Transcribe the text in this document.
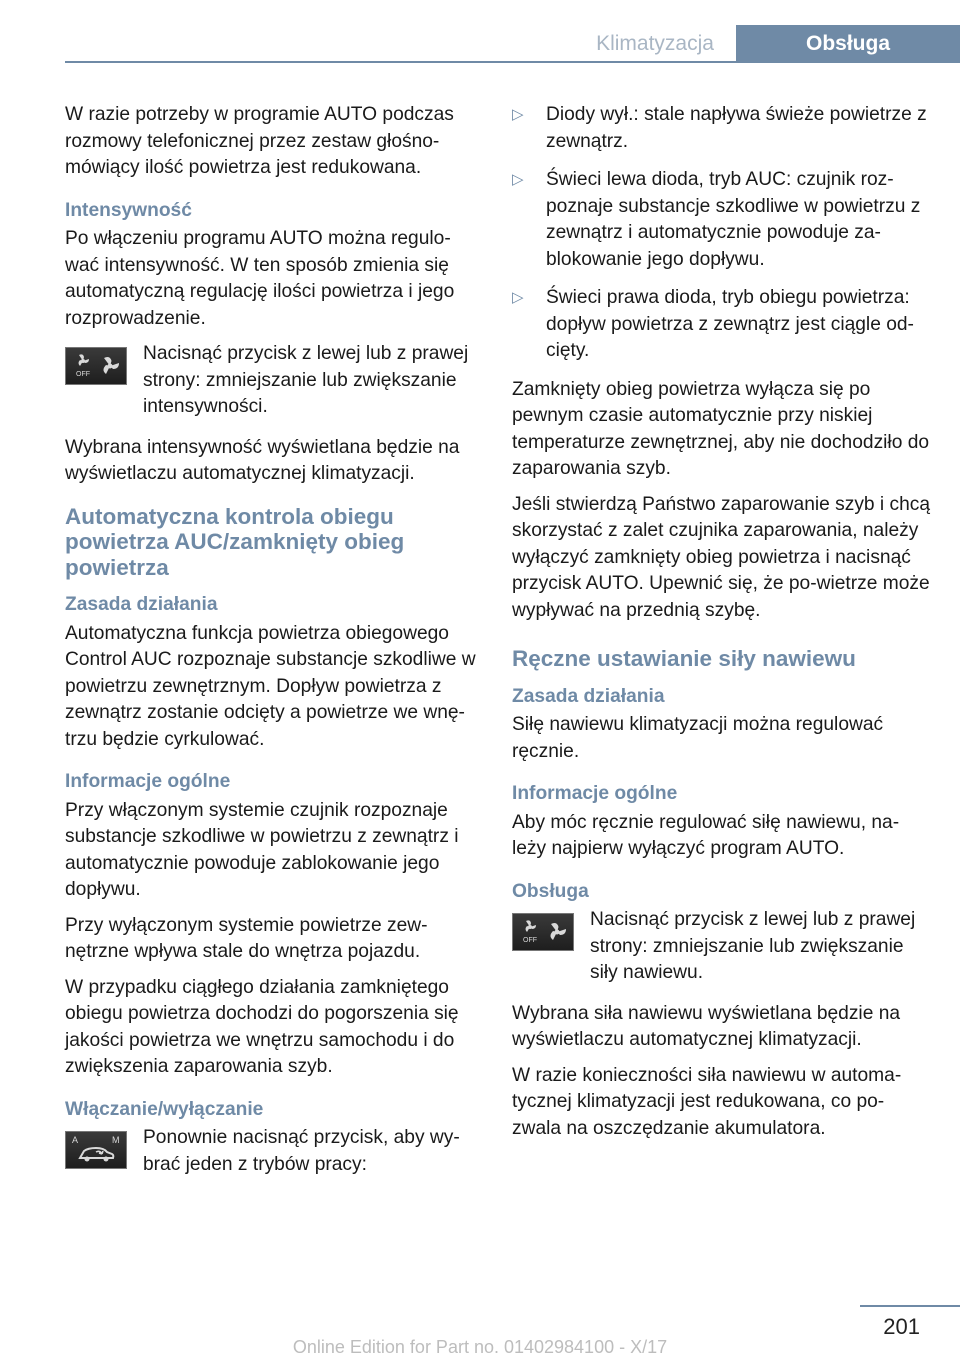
Klimatyzacja	Obsługa

W razie potrzeby w programie AUTO podczas rozmowy telefonicznej przez zestaw głośno‐mówiący ilość powietrza jest redukowana.

Intensywność

Po włączeniu programu AUTO można regulo‐wać intensywność. W ten sposób zmienia się automatyczną regulację ilości powietrza i jego rozprowadzenie.

OFF

Nacisnąć przycisk z lewej lub z prawej strony: zmniejszanie lub zwiększanie intensywności.

Wybrana intensywność wyświetlana będzie na wyświetlaczu automatycznej klimatyzacji.

Automatyczna kontrola obiegu powietrza AUC/zamknięty obieg powietrza
Zasada działania

Automatyczna funkcja powietrza obiegowego Control AUC rozpoznaje substancje szkodliwe w powietrzu zewnętrznym. Dopływ powietrza z zewnątrz zostanie odcięty a powietrze we wnę‐trzu będzie cyrkulować.

Informacje ogólne

Przy włączonym systemie czujnik rozpoznaje substancje szkodliwe w powietrzu z zewnątrz i automatycznie powoduje zablokowanie jego dopływu.

Przy wyłączonym systemie powietrze zew‐nętrzne wpływa stale do wnętrza pojazdu.

W przypadku ciągłego działania zamkniętego obiegu powietrza dochodzi do pogorszenia się jakości powietrza we wnętrzu samochodu i do zwiększenia zaparowania szyb.

Włączanie/wyłączanie
A	M	Ponownie nacisnąć przycisk, aby wy‐brać jeden z trybów pracy:

▷ Diody wył.: stale napływa świeże powietrze z zewnątrz.
▷ Świeci lewa dioda, tryb AUC: czujnik roz‐poznaje substancje szkodliwe w powietrzu z zewnątrz i automatycznie powoduje za‐blokowanie jego dopływu.
▷ Świeci prawa dioda, tryb obiegu powietrza: dopływ powietrza z zewnątrz jest ciągle od‐cięty.

Zamknięty obieg powietrza wyłącza się po pewnym czasie automatycznie przy niskiej temperaturze zewnętrznej, aby nie dochodziło do zaparowania szyb.

Jeśli stwierdzą Państwo zaparowanie szyb i chcą skorzystać z zalet czujnika zaparowania, należy wyłączyć zamknięty obieg powietrza i nacisnąć przycisk AUTO. Upewnić się, że po‐wietrze może wypływać na przednią szybę.

Ręczne ustawianie siły nawiewu
Zasada działania

Siłę nawiewu klimatyzacji można regulować ręcznie.

Informacje ogólne

Aby móc ręcznie regulować siłę nawiewu, na‐leży najpierw wyłączyć program AUTO.

Obsługa
OFF

Nacisnąć przycisk z lewej lub z prawej strony: zmniejszanie lub zwiększanie siły nawiewu.

Wybrana siła nawiewu wyświetlana będzie na wyświetlaczu automatycznej klimatyzacji.

W razie konieczności siła nawiewu w automa‐tycznej klimatyzacji jest redukowana, co po‐zwala na oszczędzanie akumulatora.

201
Online Edition for Part no. 01402984100 - X/17
